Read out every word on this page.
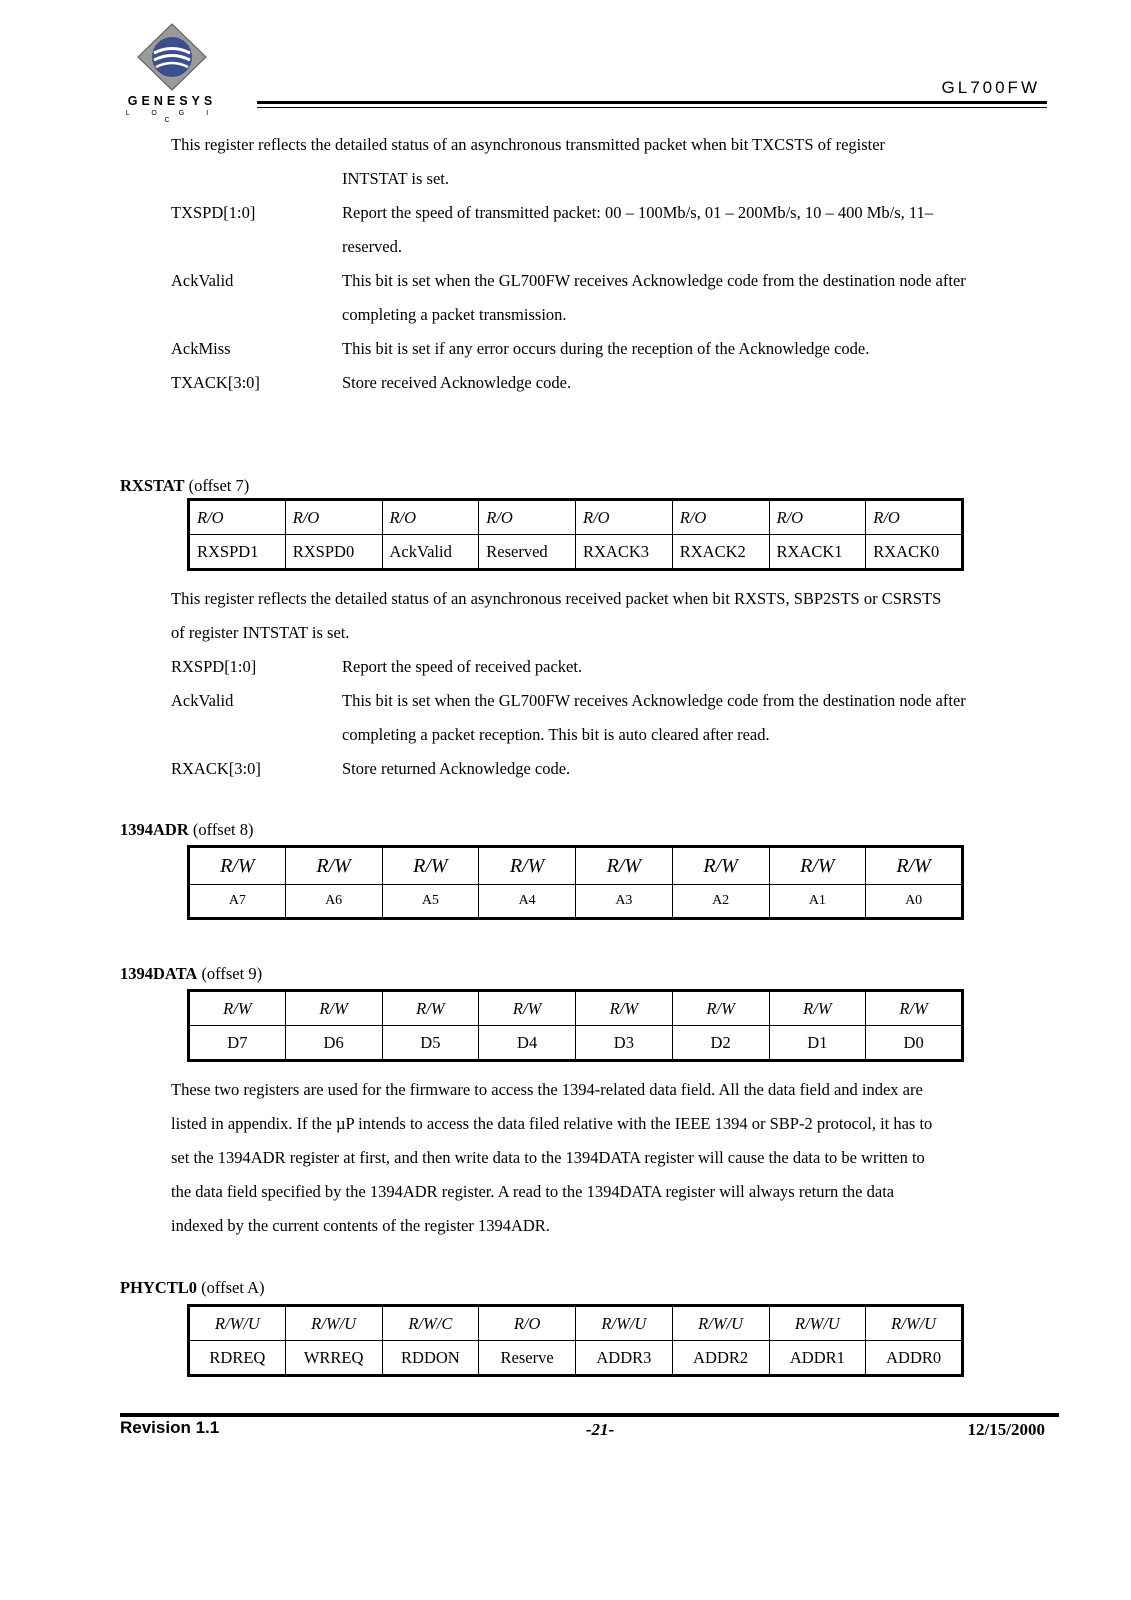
GENESYS
L O G I C
GL700FW
This register reflects the detailed status of an asynchronous transmitted packet when bit TXCSTS of register
INTSTAT is set.
TXSPD[1:0]	Report the speed of transmitted packet: 00 – 100Mb/s, 01 – 200Mb/s, 10 – 400 Mb/s, 11–
reserved.
AckValid	This bit is set when the GL700FW receives Acknowledge code from the destination node after
completing a packet transmission.
AckMiss	This bit is set if any error occurs during the reception of the Acknowledge code.
TXACK[3:0]	Store received Acknowledge code.
RXSTAT (offset 7)
R/O	R/O	R/O	R/O	R/O	R/O	R/O	R/O
RXSPD1	RXSPD0	AckValid	Reserved	RXACK3	RXACK2	RXACK1	RXACK0
This register reflects the detailed status of an asynchronous received packet when bit RXSTS, SBP2STS or CSRSTS
of register INTSTAT is set.
RXSPD[1:0]	Report the speed of received packet.
AckValid	This bit is set when the GL700FW receives Acknowledge code from the destination node after
completing a packet reception. This bit is auto cleared after read.
RXACK[3:0]	Store returned Acknowledge code.
1394ADR (offset 8)
R/W	R/W	R/W	R/W	R/W	R/W	R/W	R/W
A7	A6	A5	A4	A3	A2	A1	A0
1394DATA (offset 9)
R/W	R/W	R/W	R/W	R/W	R/W	R/W	R/W
D7	D6	D5	D4	D3	D2	D1	D0
These two registers are used for the firmware to access the 1394-related data field. All the data field and index are
listed in appendix. If the µP intends to access the data filed relative with the IEEE 1394 or SBP-2 protocol, it has to
set the 1394ADR register at first, and then write data to the 1394DATA register will cause the data to be written to
the data field specified by the 1394ADR register. A read to the 1394DATA register will always return the data
indexed by the current contents of the register 1394ADR.
PHYCTL0 (offset A)
R/W/U	R/W/U	R/W/C	R/O	R/W/U	R/W/U	R/W/U	R/W/U
RDREQ	WRREQ	RDDON	Reserve	ADDR3	ADDR2	ADDR1	ADDR0
Revision 1.1	-21-	12/15/2000
